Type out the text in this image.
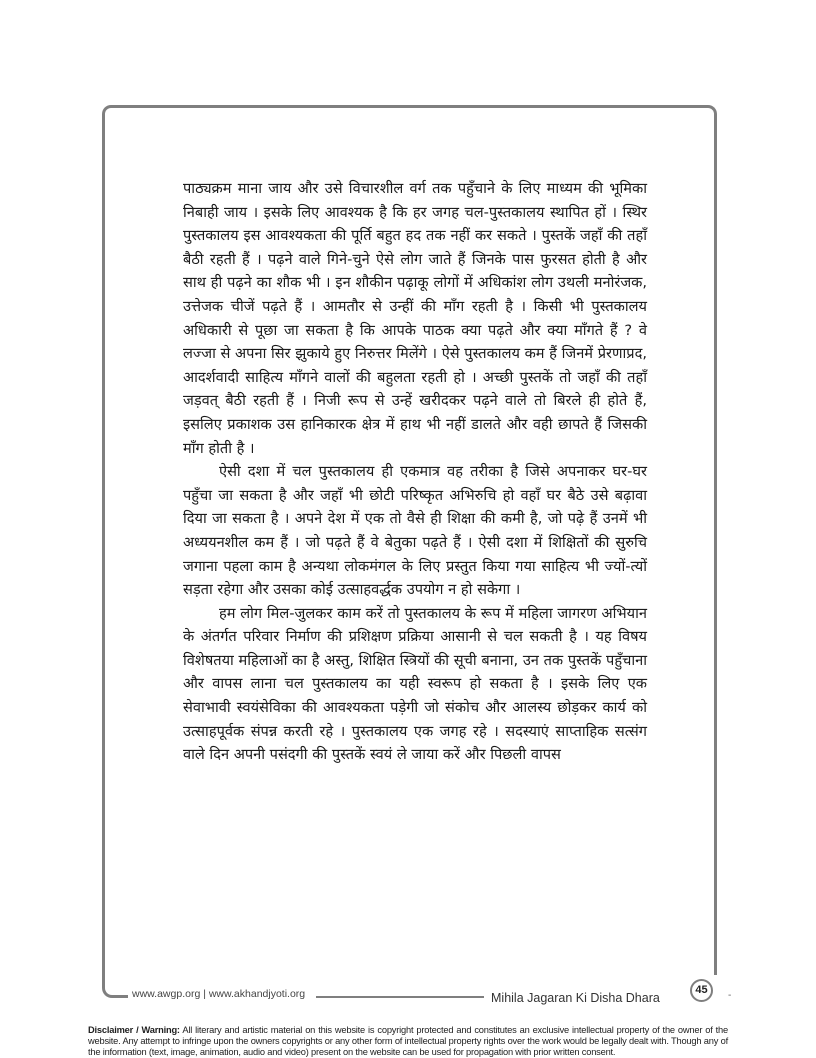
पाठ्यक्रम माना जाय और उसे विचारशील वर्ग तक पहुँचाने के लिए माध्यम की भूमिका निबाही जाय । इसके लिए आवश्यक है कि हर जगह चल-पुस्तकालय स्थापित हों । स्थिर पुस्तकालय इस आवश्यकता की पूर्ति बहुत हद तक नहीं कर सकते । पुस्तकें जहाँ की तहाँ बैठी रहती हैं । पढ़ने वाले गिने-चुने ऐसे लोग जाते हैं जिनके पास फुरसत होती है और साथ ही पढ़ने का शौक भी । इन शौकीन पढ़ाकू लोगों में अधिकांश लोग उथली मनोरंजक, उत्तेजक चीजें पढ़ते हैं । आमतौर से उन्हीं की माँग रहती है । किसी भी पुस्तकालय अधिकारी से पूछा जा सकता है कि आपके पाठक क्या पढ़ते और क्या माँगते हैं ? वे लज्जा से अपना सिर झुकाये हुए निरुत्तर मिलेंगे । ऐसे पुस्तकालय कम हैं जिनमें प्रेरणाप्रद, आदर्शवादी साहित्य माँगने वालों की बहुलता रहती हो । अच्छी पुस्तकें तो जहाँ की तहाँ जड़वत् बैठी रहती हैं । निजी रूप से उन्हें खरीदकर पढ़ने वाले तो बिरले ही होते हैं, इसलिए प्रकाशक उस हानिकारक क्षेत्र में हाथ भी नहीं डालते और वही छापते हैं जिसकी माँग होती है ।

ऐसी दशा में चल पुस्तकालय ही एकमात्र वह तरीका है जिसे अपनाकर घर-घर पहुँचा जा सकता है और जहाँ भी छोटी परिष्कृत अभिरुचि हो वहाँ घर बैठे उसे बढ़ावा दिया जा सकता है । अपने देश में एक तो वैसे ही शिक्षा की कमी है, जो पढ़े हैं उनमें भी अध्ययनशील कम हैं । जो पढ़ते हैं वे बेतुका पढ़ते हैं । ऐसी दशा में शिक्षितों की सुरुचि जगाना पहला काम है अन्यथा लोकमंगल के लिए प्रस्तुत किया गया साहित्य भी ज्यों-त्यों सड़ता रहेगा और उसका कोई उत्साहवर्द्धक उपयोग न हो सकेगा ।

हम लोग मिल-जुलकर काम करें तो पुस्तकालय के रूप में महिला जागरण अभियान के अंतर्गत परिवार निर्माण की प्रशिक्षण प्रक्रिया आसानी से चल सकती है । यह विषय विशेषतया महिलाओं का है अस्तु, शिक्षित स्त्रियों की सूची बनाना, उन तक पुस्तकें पहुँचाना और वापस लाना चल पुस्तकालय का यही स्वरूप हो सकता है । इसके लिए एक सेवाभावी स्वयंसेविका की आवश्यकता पड़ेगी जो संकोच और आलस्य छोड़कर कार्य को उत्साहपूर्वक संपन्न करती रहे । पुस्तकालय एक जगह रहे । सदस्याएं साप्ताहिक सत्संग वाले दिन अपनी पसंदगी की पुस्तकें स्वयं ले जाया करें और पिछली वापस

www.awgp.org | www.akhandjyoti.org	Mihila Jagaran Ki Disha Dhara
45	-
Disclaimer / Warning: All literary and artistic material on this website is copyright protected and constitutes an exclusive intellectual property of the owner of the website. Any attempt to infringe upon the owners copyrights or any other form of intellectual property rights over the work would be legally dealt with. Though any of the information (text, image, animation, audio and video) present on the website can be used for propagation with prior written consent.
